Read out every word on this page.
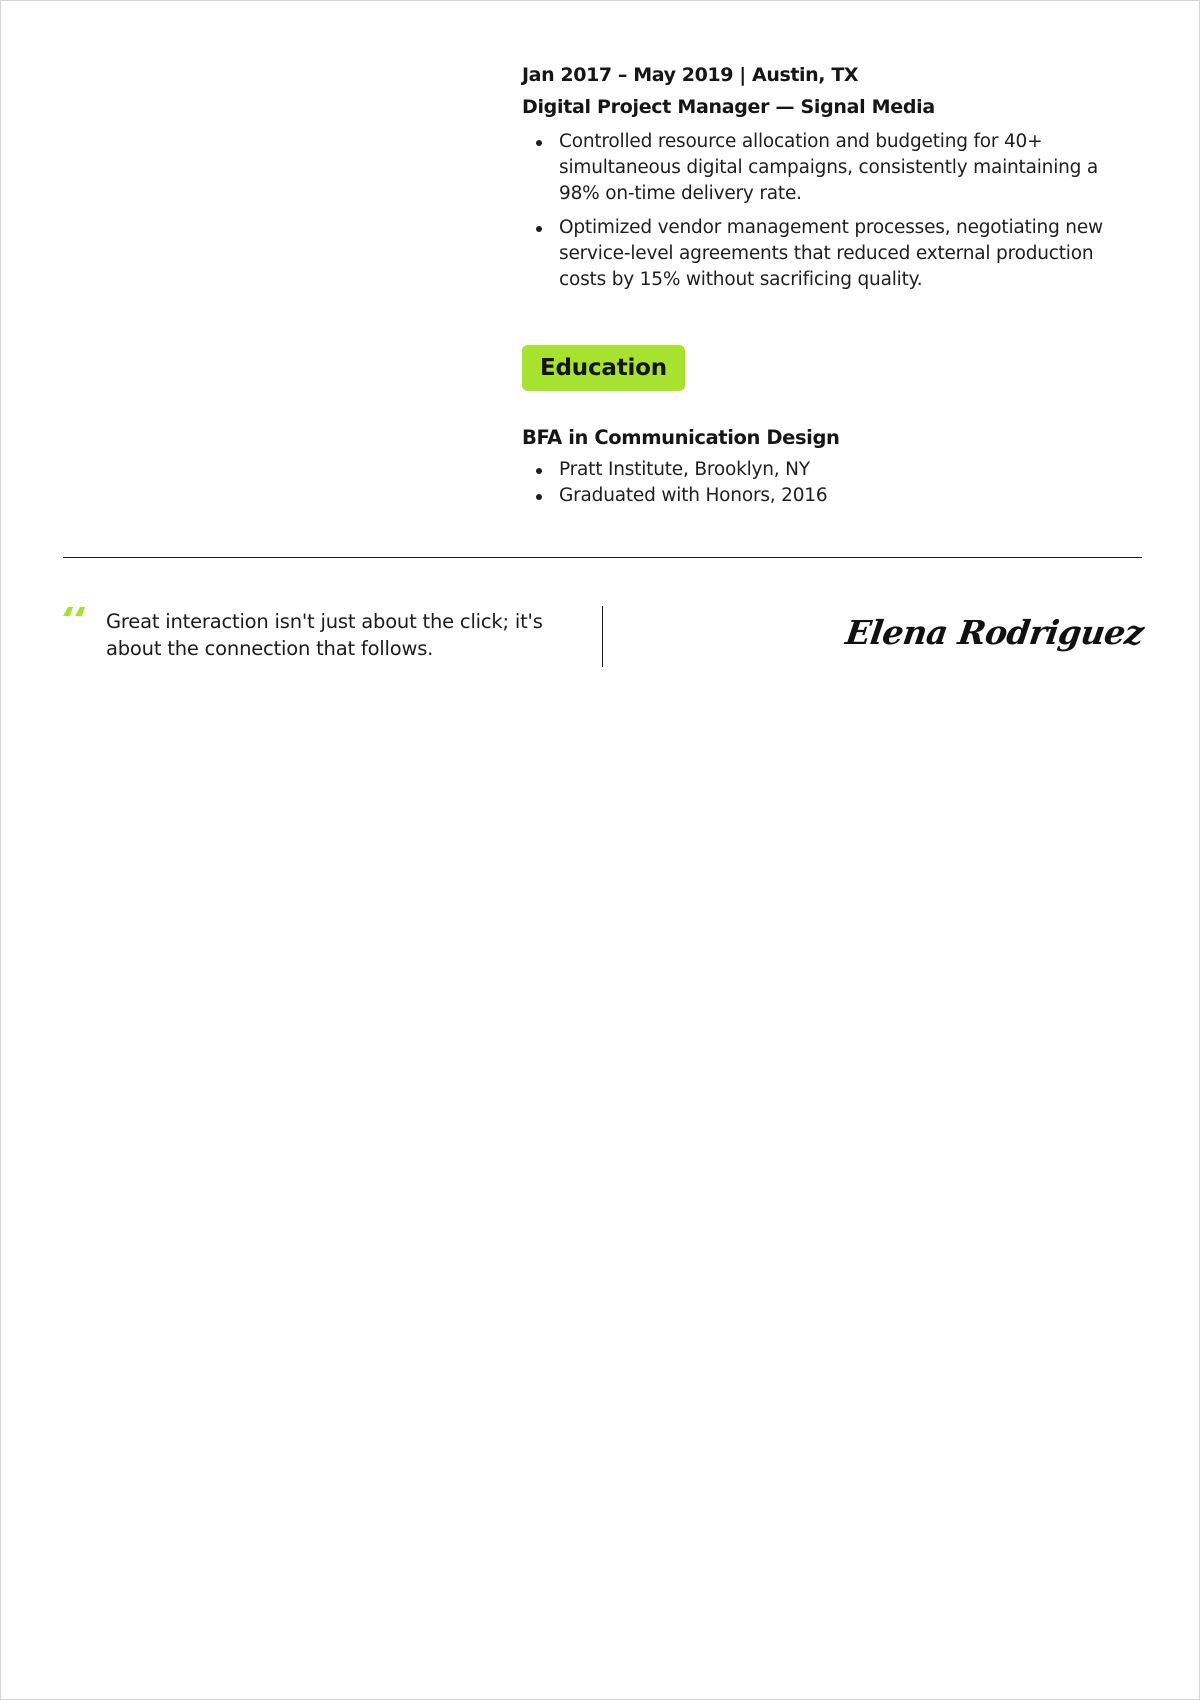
Jan 2017 – May 2019 | Austin, TX
Digital Project Manager — Signal Media
Controlled resource allocation and budgeting for 40+ simultaneous digital campaigns, consistently maintaining a 98% on-time delivery rate.
Optimized vendor management processes, negotiating new service-level agreements that reduced external production costs by 15% without sacrificing quality.
Education
BFA in Communication Design
Pratt Institute, Brooklyn, NY
Graduated with Honors, 2016
Great interaction isn't just about the click; it's about the connection that follows.	Elena Rodriguez
